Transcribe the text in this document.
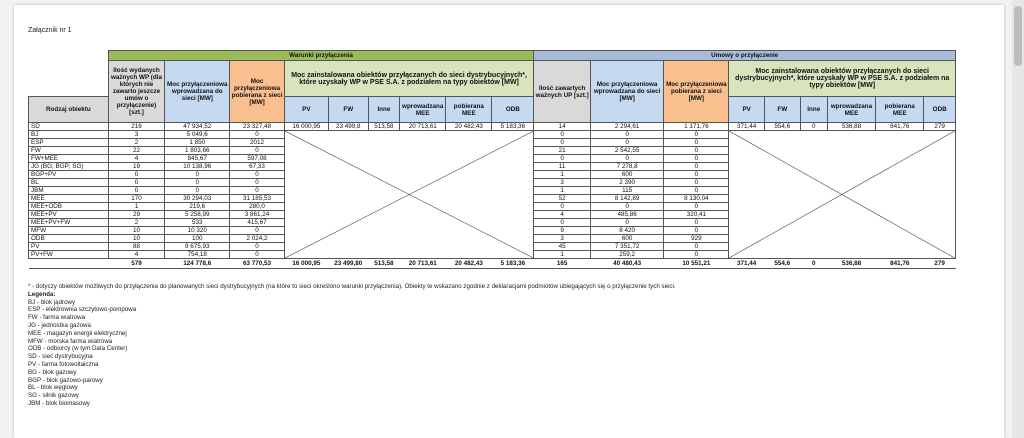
Załącznik nr 1
	Warunki przyłączenia									Umowy o przyłączenie								
	Ilość wydanych ważnych WP (dla których nie zawarto jeszcze umów o przyłączenie) [szt.]	Moc przyłączeniowa wprowadzana do sieci [MW]	Moc przyłączeniowa pobierana z sieci [MW]	Moc zainstalowana obiektów przyłączanych do sieci dystrybucyjnych*, które uzyskały WP w PSE S.A. z podziałem na typy obiektów [MW]						Ilość zawartych ważnych UP [szt.]	Moc przyłączeniowa wprowadzana do sieci [MW]	Moc przyłączeniowa pobierana z sieci [MW]	Moc zainstalowana obiektów przyłączanych do sieci dystrybucyjnych*, które uzyskały WP w PSE S.A. z podziałem na typy obiektów [MW]					
Rodzaj obiektu				PV	FW	Inne	wprowadzana MEE	pobierana MEE	ODB				PV	FW	Inne	wprowadzana MEE	pobierana MEE	ODB
SD	216	47 934,52	23 327,48	16 000,95	23 499,8	513,58	20 713,61	20 482,43	5 183,36	14	2 294,61	1 171,76	371,44	554,6	0	536,88	841,76	279
BJ	3	5 049,6	0							0	0	0	

ESP	2	1 850	2012							0	0	0						
FW	22	1 803,66	0							21	2 542,55	0						
FW+MEE	4	845,67	597,08							0	0	0						
JG (BG; BGP; SG)	19	10 138,96	67,33							11	7 278,8	0						
BGP+PV	0	0	0							1	600	0						
BL	0	0	0							3	2 390	0						
JBM	0	0	0							1	115	0						
MEE	170	30 294,03	31 185,53							52	8 142,89	8 130,04						
MEE+ODB	1	219,6	280,0							0	0	0						
MEE+PV	29	5 258,99	3 861,24							4	485,86	320,41						
MEE+PV+FW	2	533	415,67							0	0	0						
MFW	10	10 320	0							9	8 420	0						
ODB	10	100	2 024,2							3	600	929						
PV	88	9 675,93	0							45	7 351,72	0						
PV+FW	4	754,18	0							1	259,2	0						
	579	124 778,6	63 770,53	16 000,95	23 499,80	513,58	20 713,61	20 482,43	5 183,36	165	40 480,43	10 551,21	371,44	554,6	0	536,88	841,76	279
* - dotyczy obiektów możliwych do przyłączenia do planowanych sieci dystrybucyjnych (na które to sieci określono warunki przyłączenia). Obiekty te wskazano zgodnie z deklaracjami podmiotów ubiegających się o przyłączenie tych sieci.
Legenda:
BJ - blok jądrowy
ESP - elektrownia szczytowo-pompowa
FW - farma wiatrowa
JG - jednostka gazowa
MEE - magazyn energii elektrycznej
MFW - morska farma wiatrowa
ODB - odbiorcy (w tym Data Center)
SD - sieć dystrybucyjna
PV - farma fotowoltaiczna
BG - blok gazowy
BGP - blok gazowo-parowy
BL - blok węglowy
SG - silnik gazowy
JBM - blok biomasowy
